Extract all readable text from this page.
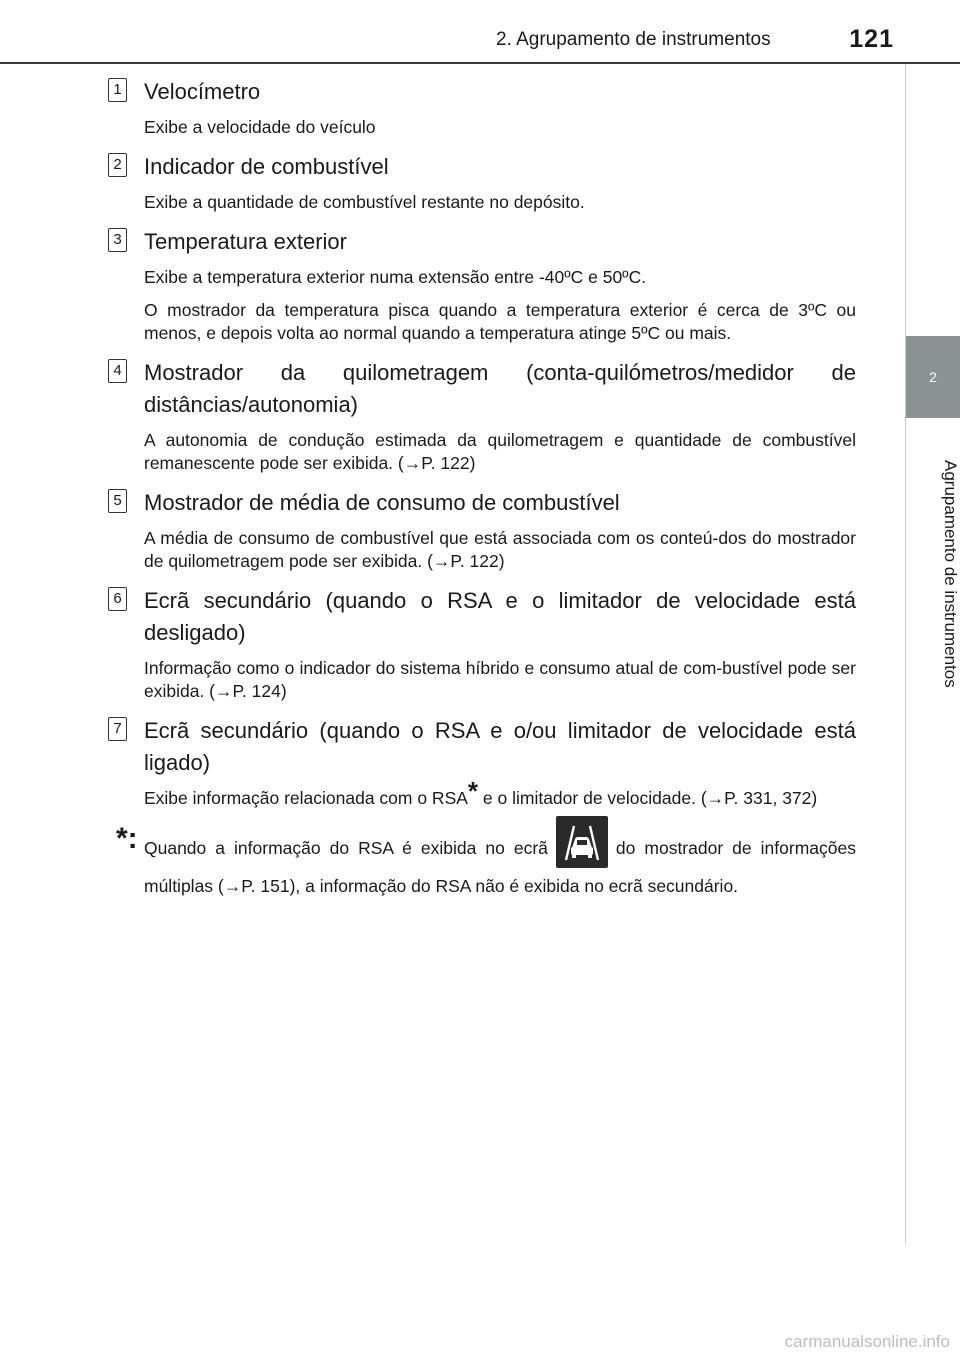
2. Agrupamento de instrumentos	121
2
Agrupamento de instrumentos
1 Velocímetro
Exibe a velocidade do veículo
2 Indicador de combustível
Exibe a quantidade de combustível restante no depósito.
3 Temperatura exterior
Exibe a temperatura exterior numa extensão entre -40ºC e 50ºC.
O mostrador da temperatura pisca quando a temperatura exterior é cerca de 3ºC ou menos, e depois volta ao normal quando a temperatura atinge 5ºC ou mais.
4 Mostrador da quilometragem (conta-quilómetros/medidor de distâncias/autonomia)
A autonomia de condução estimada da quilometragem e quantidade de combustível remanescente pode ser exibida. (→P. 122)
5 Mostrador de média de consumo de combustível
A média de consumo de combustível que está associada com os conteú-dos do mostrador de quilometragem pode ser exibida. (→P. 122)
6 Ecrã secundário (quando o RSA e o limitador de velocidade está desligado)
Informação como o indicador do sistema híbrido e consumo atual de com-bustível pode ser exibida. (→P. 124)
7 Ecrã secundário (quando o RSA e o/ou limitador de velocidade está ligado)
Exibe informação relacionada com o RSA* e o limitador de velocidade. (→P. 331, 372)
*: Quando a informação do RSA é exibida no ecrã	do mostrador de informações múltiplas (→P. 151), a informação do RSA não é exibida no ecrã secundário.
carmanualsonline.info
